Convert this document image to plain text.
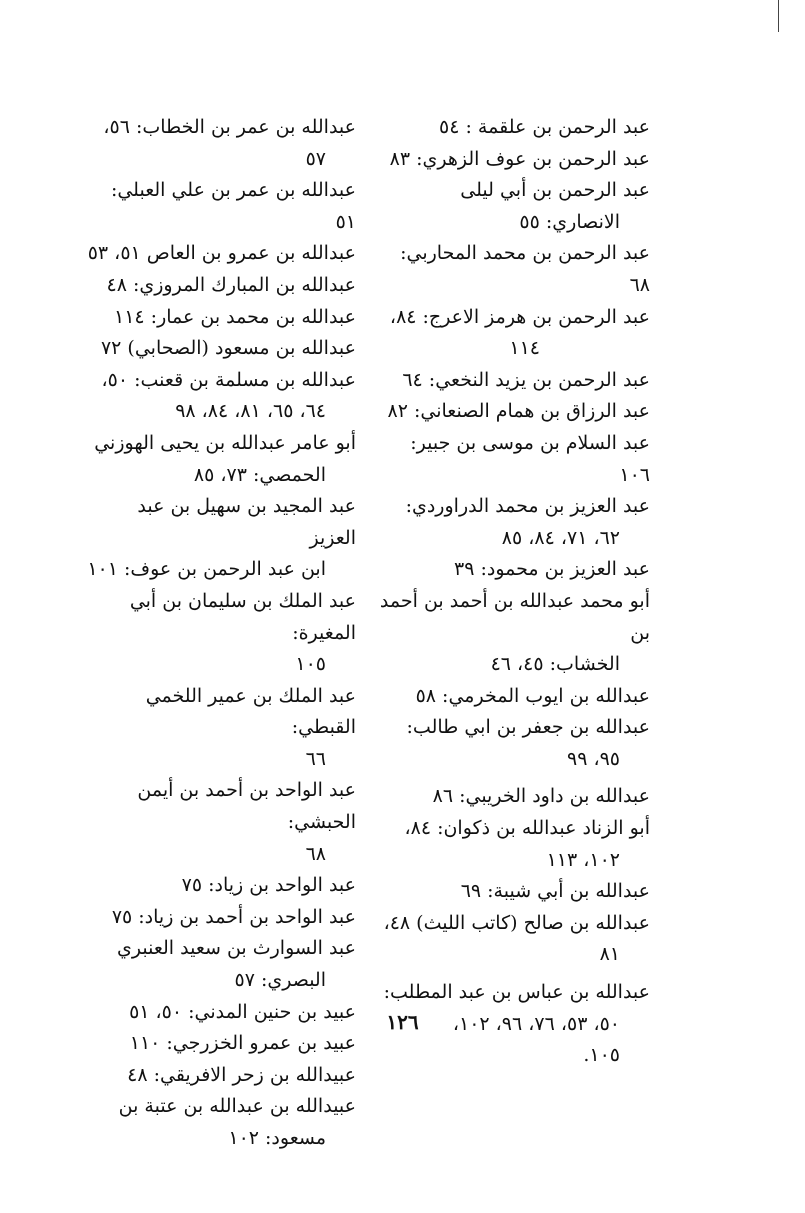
عبد الرحمن بن علقمة : ٥٤
عبد الرحمن بن عوف الزهري: ٨٣
عبد الرحمن بن أبي ليلى
الانصاري: ٥٥
عبد الرحمن بن محمد المحاربي: ٦٨
عبد الرحمن بن هرمز الاعرج: ٨٤،
١١٤
عبد الرحمن بن يزيد النخعي: ٦٤
عبد الرزاق بن همام الصنعاني: ٨٢
عبد السلام بن موسى بن جبير: ١٠٦
عبد العزيز بن محمد الدراوردي:
٦٢، ٧١، ٨٤، ٨٥
عبد العزيز بن محمود: ٣٩
أبو محمد عبدالله بن أحمد بن أحمد بن
الخشاب: ٤٥، ٤٦
عبدالله بن ايوب المخرمي: ٥٨
عبدالله بن جعفر بن ابي طالب:
٩٥، ٩٩
عبدالله بن داود الخريبي: ٨٦
أبو الزناد عبدالله بن ذكوان: ٨٤،
١٠٢، ١١٣
عبدالله بن أبي شيبة: ٦٩
عبدالله بن صالح (كاتب الليث) ٤٨،
٨١
عبدالله بن عباس بن عبد المطلب:
٥٠، ٥٣، ٧٦، ٩٦، ١٠٢،
١٠٥.
عبدالله بن عمر بن الخطاب: ٥٦،
٥٧
عبدالله بن عمر بن علي العبلي: ٥١
عبدالله بن عمرو بن العاص ٥١، ٥٣
عبدالله بن المبارك المروزي: ٤٨
عبدالله بن محمد بن عمار: ١١٤
عبدالله بن مسعود (الصحابي) ٧٢
عبدالله بن مسلمة بن قعنب: ٥٠،
٦٤، ٦٥، ٨١، ٨٤، ٩٨
أبو عامر عبدالله بن يحيى الهوزني
الحمصي: ٧٣، ٨٥
عبد المجيد بن سهيل بن عبد العزيز
ابن عبد الرحمن بن عوف: ١٠١
عبد الملك بن سليمان بن أبي المغيرة:
١٠٥
عبد الملك بن عمير اللخمي القبطي:
٦٦
عبد الواحد بن أحمد بن أيمن الحبشي:
٦٨
عبد الواحد بن زياد: ٧٥
عبد الواحد بن أحمد بن زياد: ٧٥
عبد السوارث بن سعيد العنبري
البصري: ٥٧
عبيد بن حنين المدني: ٥٠، ٥١
عبيد بن عمرو الخزرجي: ١١٠
عبيدالله بن زحر الافريقي: ٤٨
عبيدالله بن عبدالله بن عتبة بن
مسعود: ١٠٢
١٢٦
